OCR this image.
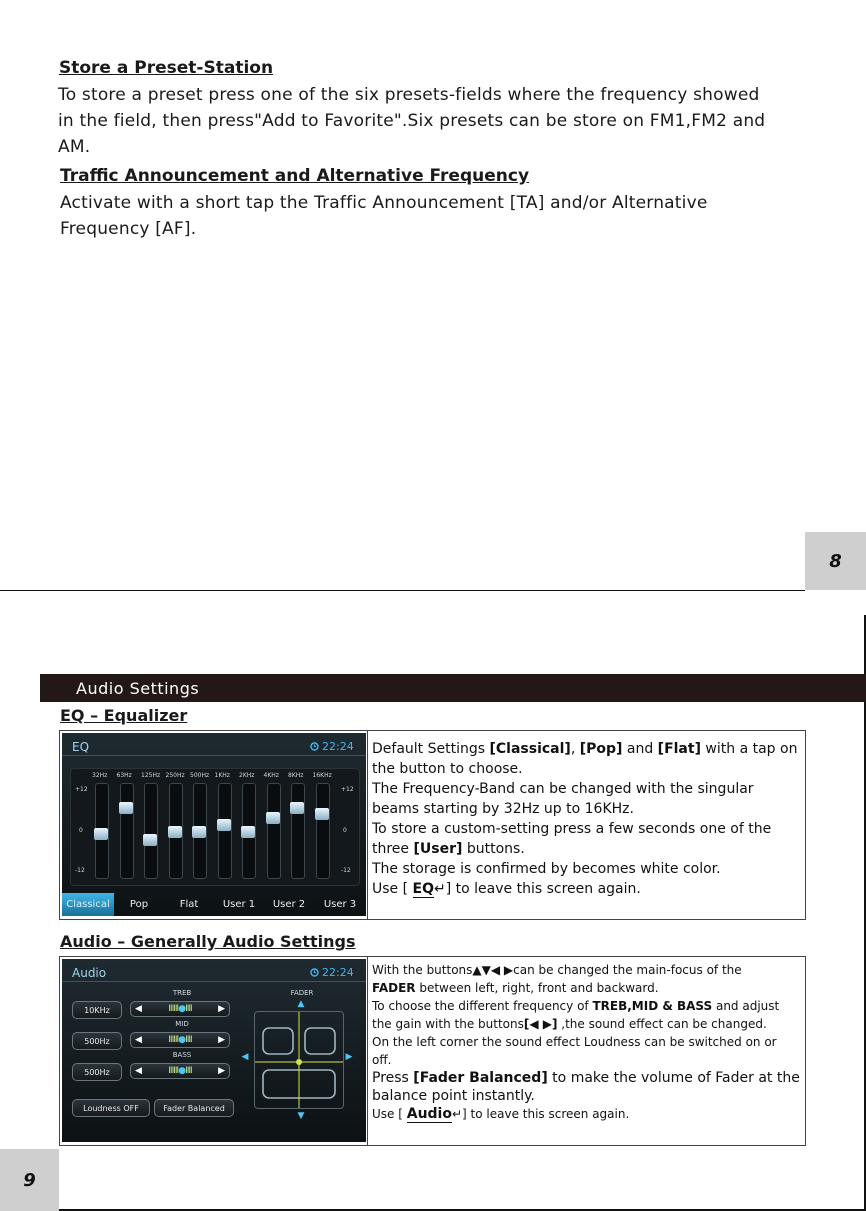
Store a Preset-Station
To store a preset press one of the six presets-fields where the frequency showed
in the field, then press"Add to Favorite".Six presets can be store on FM1,FM2 and
AM.
Traffic Announcement and Alternative Frequency
Activate with a short tap the Traffic Announcement [TA] and/or Alternative
Frequency [AF].
8
Audio Settings
EQ – Equalizer
EQ	22:24
+12
0
-12
+12
0
-12
32Hz 63Hz 125Hz 250Hz 500Hz 1KHz 2KHz 4KHz 8KHz 16KHz
Classical	Pop	Flat	User 1	User 2	User 3
Default Settings [Classical], [Pop] and [Flat] with a tap on
the button to choose.
The Frequency-Band can be changed with the singular
beams starting by 32Hz up to 16KHz.
To store a custom-setting press a few seconds one of the
three [User] buttons.
The storage is confirmed by becomes white color.
Use [ EQ↵] to leave this screen again.
Audio – Generally Audio Settings
Audio	22:24
TREB
10KHz	◀	IIIIII ● IIII	▶
MID
500Hz	◀	IIIIII ● IIII	▶
BASS
500Hz	◀	IIIIII ● IIII	▶
Loudness OFF	Fader Balanced
FADER
▲
◀	▶
▼
With the buttons▲▼◀ ▶can be changed the main-focus of the
FADER between left, right, front and backward.
To choose the different frequency of TREB,MID & BASS and adjust
the gain with the buttons[◀ ▶] ,the sound effect can be changed.
On the left corner the sound effect Loudness can be switched on or
off.
Press [Fader Balanced] to make the volume of Fader at the
balance point instantly.
Use [ Audio↵] to leave this screen again.
9
